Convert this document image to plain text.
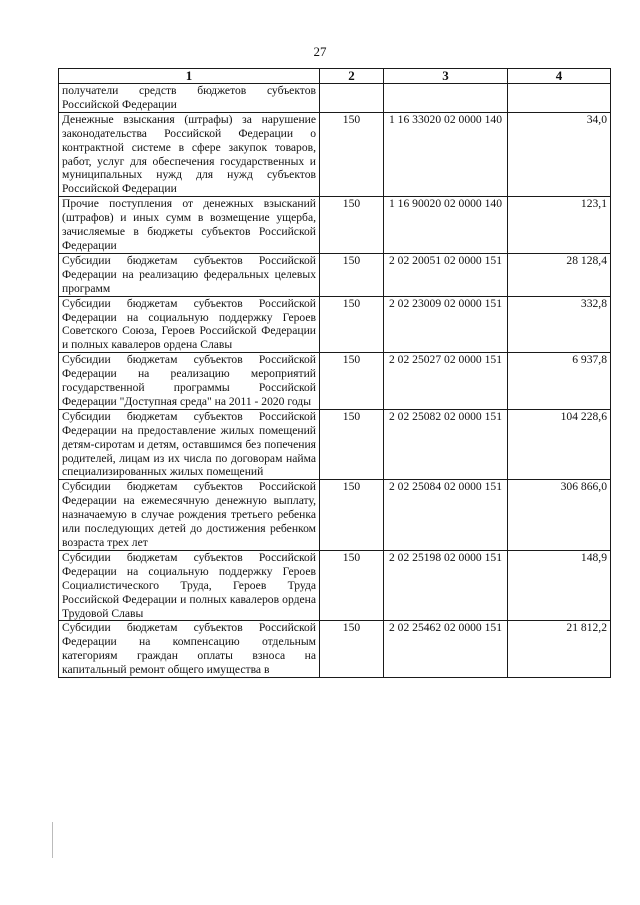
27
1	2	3	4
получатели средств бюджетов субъектов Российской Федерации			
Денежные взыскания (штрафы) за нарушение законодательства Российской Федерации о контрактной системе в сфере закупок товаров, работ, услуг для обеспечения государственных и муниципальных нужд для нужд субъектов Российской Федерации	150	1 16 33020 02 0000 140	34,0
Прочие поступления от денежных взысканий (штрафов) и иных сумм в возмещение ущерба, зачисляемые в бюджеты субъектов Российской Федерации	150	1 16 90020 02 0000 140	123,1
Субсидии бюджетам субъектов Российской Федерации на реализацию федеральных целевых программ	150	2 02 20051 02 0000 151	28 128,4
Субсидии бюджетам субъектов Российской Федерации на социальную поддержку Героев Советского Союза, Героев Российской Федерации и полных кавалеров ордена Славы	150	2 02 23009 02 0000 151	332,8
Субсидии бюджетам субъектов Российской Федерации на реализацию мероприятий государственной программы Российской Федерации "Доступная среда" на 2011 - 2020 годы	150	2 02 25027 02 0000 151	6 937,8
Субсидии бюджетам субъектов Российской Федерации на предоставление жилых помещений детям-сиротам и детям, оставшимся без попечения родителей, лицам из их числа по договорам найма специализированных жилых помещений	150	2 02 25082 02 0000 151	104 228,6
Субсидии бюджетам субъектов Российской Федерации на ежемесячную денежную выплату, назначаемую в случае рождения третьего ребенка или последующих детей до достижения ребенком возраста трех лет	150	2 02 25084 02 0000 151	306 866,0
Субсидии бюджетам субъектов Российской Федерации на социальную поддержку Героев Социалистического Труда, Героев Труда Российской Федерации и полных кавалеров ордена Трудовой Славы	150	2 02 25198 02 0000 151	148,9
Субсидии бюджетам субъектов Российской Федерации на компенсацию отдельным категориям граждан оплаты взноса на капитальный ремонт общего имущества в	150	2 02 25462 02 0000 151	21 812,2
